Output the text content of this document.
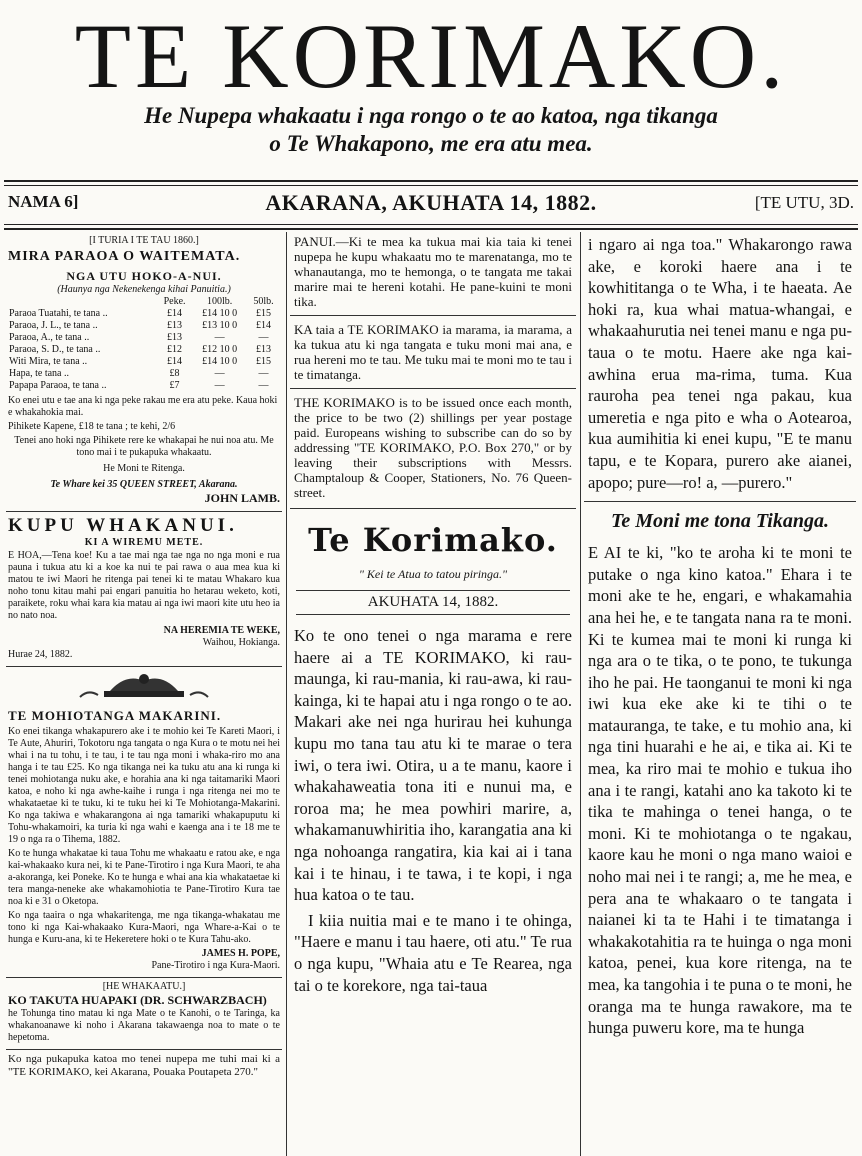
TE KORIMAKO.
He Nupepa whakaatu i nga rongo o te ao katoa, nga tikanga
o Te Whakapono, me era atu mea.
NAMA 6]	AKARANA, AKUHATA 14, 1882.	[TE UTU, 3D.
[I TURIA I TE TAU 1860.]
MIRA PARAOA O WAITEMATA.
NGA UTU HOKO-A-NUI.
(Haunya nga Nekenekenga kihai Panuitia.)
	Peke.	100lb.	50lb.
Paraoa Tuatahi, te tana ..	£14	£14 10 0	£15
Paraoa, J. L., te tana ..	£13	£13 10 0	£14
Paraoa, A., te tana ..	£13	—	—
Paraoa, S. D., te tana ..	£12	£12 10 0	£13
Witi Mira, te tana ..	£14	£14 10 0	£15
Hapa, te tana ..	£8	—	—
Papapa Paraoa, te tana ..	£7	—	—
Ko enei utu e tae ana ki nga peke rakau me era atu peke. Kaua hoki e whakahokia mai.
Pihikete Kapene, £18 te tana ; te kehi, 2/6
Tenei ano hoki nga Pihikete rere ke whakapai he nui noa atu. Me tono mai i te pukapuka whakaatu.
He Moni te Ritenga.
Te Whare kei 35 QUEEN STREET, Akarana.
JOHN LAMB.
KUPU WHAKANUI.
KI A WIREMU METE.
E HOA,—Tena koe! Ku a tae mai nga tae nga no nga moni e rua pauna i tukua atu ki a koe ka nui te pai rawa o aua mea kua ki matou te iwi Maori he ritenga pai tenei ki te matau Whakaro kua noho tonu kitau mahi pai engari panuitia ho hetarau weketo, koti, paraikete, roku whai kara kia matau ai nga iwi maori kite utu heo ia no nato noa.
NA HEREMIA TE WEKE,
Waihou, Hokianga.
Hurae 24, 1882.
TE MOHIOTANGA MAKARINI.
Ko enei tikanga whakapurero ake i te mohio kei Te Kareti Maori, i Te Aute, Ahuriri, Tokotoru nga tangata o nga Kura o te motu nei hei whai i na tu tohu, i te tau, i te tau nga moni i whaka-riro mo ana hanga i te tau £25. Ko nga tikanga nei ka tuku atu ana ki runga ki tenei mohiotanga nuku ake, e horahia ana ki nga taitamariki Maori katoa, e noho ki nga awhe-kaihe i runga i nga ritenga nei mo te whakataetae ki te tuku, ki te tuku hei ki Te Mohiotanga-Makarini. Ko nga takiwa e whakarangona ai nga tamariki whakapuputu ki Tohu-whakamoiri, ka turia ki nga wahi e kaenga ana i te 18 me te 19 o nga ra o Tihema, 1882.
Ko te hunga whakatae ki taua Tohu me whakaatu e ratou ake, e nga kai-whakaako kura nei, ki te Pane-Tirotiro i nga Kura Maori, te aha a-akoranga, kei Poneke. Ko te hunga e whai ana kia whakataetae ki tera manga-neneke ake whakamohiotia te Pane-Tirotiro Kura tae noa ki e 31 o Oketopa.
Ko nga taaira o nga whakaritenga, me nga tikanga-whakatau me tono ki nga Kai-whakaako Kura-Maori, nga Whare-a-Kai o te hunga e Kuru-ana, ki te Hekeretere hoki o te Kura Tahu-ako.
JAMES H. POPE,
Pane-Tirotiro i nga Kura-Maori.
[HE WHAKAATU.]
KO TAKUTA HUAPAKI (DR. SCHWARZBACH)
he Tohunga tino matau ki nga Mate o te Kanohi, o te Taringa, ka whakanoanawe ki noho i Akarana takawaenga noa to mate o te hepetoma.
Ko nga pukapuka katoa mo tenei nupepa me tuhi mai ki a "TE KORIMAKO, kei Akarana, Pouaka Poutapeta 270."
PANUI.—Ki te mea ka tukua mai kia taia ki tenei nupepa he kupu whakaatu mo te marenatanga, mo te whanautanga, mo te hemonga, o te tangata me takai marire mai te hereni kotahi. He pane-kuini te moni tika.
KA taia a TE KORIMAKO ia marama, ia marama, a ka tukua atu ki nga tangata e tuku moni mai ana, e rua hereni mo te tau. Me tuku mai te moni mo te tau i te timatanga.
THE KORIMAKO is to be issued once each month, the price to be two (2) shillings per year postage paid. Europeans wishing to subscribe can do so by addressing "TE KORIMAKO, P.O. Box 270," or by leaving their subscriptions with Messrs. Champtaloup & Cooper, Stationers, No. 76 Queen-street.
Te Korimako.
" Kei te Atua to tatou piringa."
AKUHATA 14, 1882.
Ko te ono tenei o nga marama e rere haere ai a TE KORIMAKO, ki rau-maunga, ki rau-mania, ki rau-awa, ki rau-kainga, ki te hapai atu i nga rongo o te ao. Makari ake nei nga hurirau hei kuhunga kupu mo tana tau atu ki te marae o tera iwi, o tera iwi. Otira, u a te manu, kaore i whakahaweatia tona iti e nunui ma, e roroa ma; he mea powhiri marire, a, whakamanuwhiritia iho, karangatia ana ki nga nohoanga rangatira, kia kai ai i tana kai i te hinau, i te tawa, i te kopi, i nga hua katoa o te tau.
I kiia nuitia mai e te mano i te ohinga, "Haere e manu i tau haere, oti atu." Te rua o nga kupu, "Whaia atu e Te Rearea, nga tai o te korekore, nga tai-taua
i ngaro ai nga toa." Whakarongo rawa ake, e koroki haere ana i te kowhititanga o te Wha, i te haeata. Ae hoki ra, kua whai matua-whangai, e whakaahurutia nei tenei manu e nga pu-taua o te motu. Haere ake nga kai-awhina erua ma-rima, tuma. Kua rauroha pea tenei nga pakau, kua umeretia e nga pito e wha o Aotearoa, kua aumihitia ki enei kupu, "E te manu tapu, e te Kopara, purero ake aianei, apopo; pure—ro! a, —purero."
Te Moni me tona Tikanga.
E AI te ki, "ko te aroha ki te moni te putake o nga kino katoa." Ehara i te moni ake te he, engari, e whakamahia ana hei he, e te tangata nana ra te moni. Ki te kumea mai te moni ki runga ki nga ara o te tika, o te pono, te tukunga iho he pai. He taonganui te moni ki nga iwi kua eke ake ki te tihi o te matauranga, te take, e tu mohio ana, ki nga tini huarahi e he ai, e tika ai. Ki te mea, ka riro mai te mohio e tukua iho ana i te rangi, katahi ano ka takoto ki te tika te mahinga o tenei hanga, o te moni. Ki te mohiotanga o te ngakau, kaore kau he moni o nga mano waioi e noho mai nei i te rangi; a, me he mea, e pera ana te whakaaro o te tangata i naianei ki ta te Hahi i te timatanga i whakakotahitia ra te huinga o nga moni katoa, penei, kua kore ritenga, na te mea, ka tangohia i te puna o te moni, he oranga ma te hunga rawakore, ma te hunga puweru kore, ma te hunga
